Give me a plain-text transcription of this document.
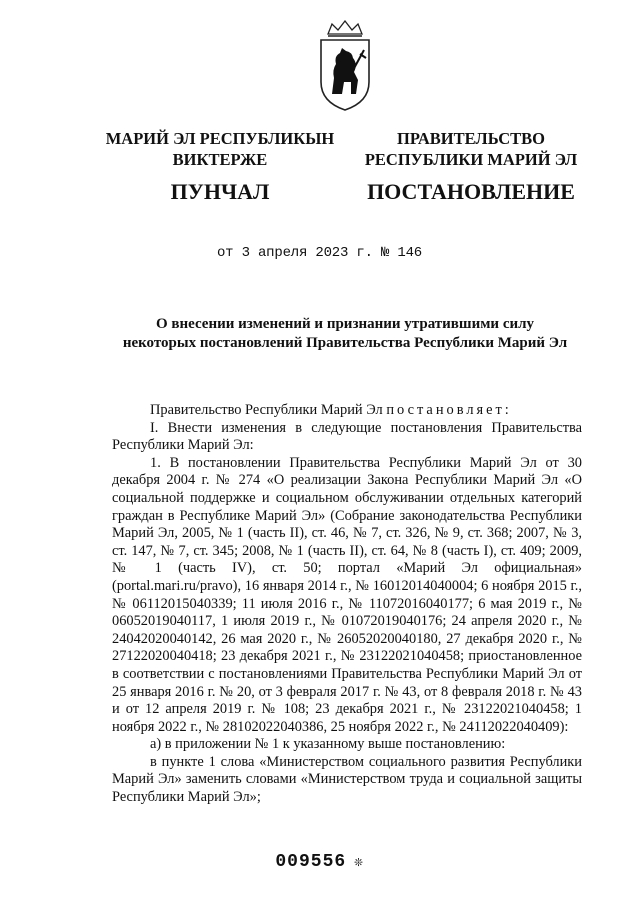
МАРИЙ ЭЛ РЕСПУБЛИКЫН
ВИКТЕРЖЕ
ПУНЧАЛ
ПРАВИТЕЛЬСТВО
РЕСПУБЛИКИ МАРИЙ ЭЛ
ПОСТАНОВЛЕНИЕ
от 3 апреля 2023 г. № 146
О внесении изменений и признании утратившими силу
некоторых постановлений Правительства Республики Марий Эл

Правительство Республики Марий Эл постановляет:

I. Внести изменения в следующие постановления Правительства Республики Марий Эл:

1. В постановлении Правительства Республики Марий Эл от 30 декабря 2004 г. № 274 «О реализации Закона Республики Марий Эл «О социальной поддержке и социальном обслуживании отдельных категорий граждан в Республике Марий Эл» (Собрание законодательства Республики Марий Эл, 2005, № 1 (часть II), ст. 46, № 7, ст. 326, № 9, ст. 368; 2007, № 3, ст. 147, № 7, ст. 345; 2008, № 1 (часть II), ст. 64, № 8 (часть I), ст. 409; 2009, № 1 (часть IV), ст. 50; портал «Марий Эл официальная» (portal.mari.ru/pravo), 16 января 2014 г., № 16012014040004; 6 ноября 2015 г., № 06112015040339; 11 июля 2016 г., № 11072016040177; 6 мая 2019 г., № 06052019040117, 1 июля 2019 г., № 01072019040176; 24 апреля 2020 г., № 24042020040142, 26 мая 2020 г., № 26052020040180, 27 декабря 2020 г., № 27122020040418; 23 декабря 2021 г., № 23122021040458; приостановленное в соответствии с постановлениями Правительства Республики Марий Эл от 25 января 2016 г. № 20, от 3 февраля 2017 г. № 43, от 8 февраля 2018 г. № 43 и от 12 апреля 2019 г. № 108; 23 декабря 2021 г., № 23122021040458; 1 ноября 2022 г., № 28102022040386, 25 ноября 2022 г., № 24112022040409):

а) в приложении № 1 к указанному выше постановлению:

в пункте 1 слова «Министерством социального развития Республики Марий Эл» заменить словами «Министерством труда и социальной защиты Республики Марий Эл»;

009556 ❊
